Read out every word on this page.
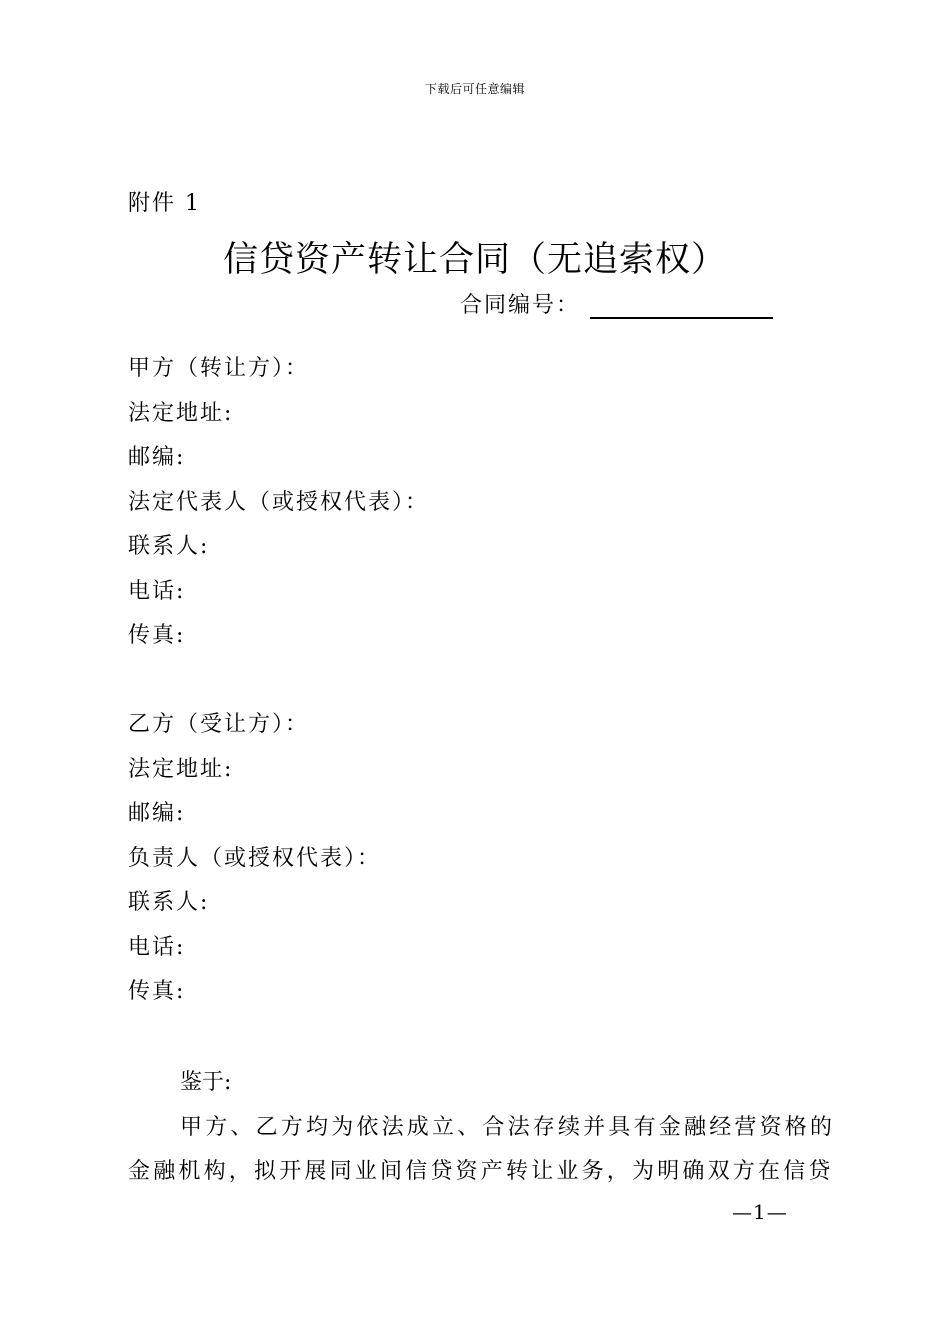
下载后可任意编辑
附件 1
信贷资产转让合同（无追索权）
合同编号：
甲方（转让方）：
法定地址:
邮编:
法定代表人（或授权代表）：
联系人:
电话:
传真:
乙方（受让方）：
法定地址:
邮编:
负责人（或授权代表）：
联系人:
电话:
传真:
鉴于:
甲方、乙方均为依法成立、合法存续并具有金融经营资格的
金融机构，拟开展同业间信贷资产转让业务，为明确双方在信贷
—1—
